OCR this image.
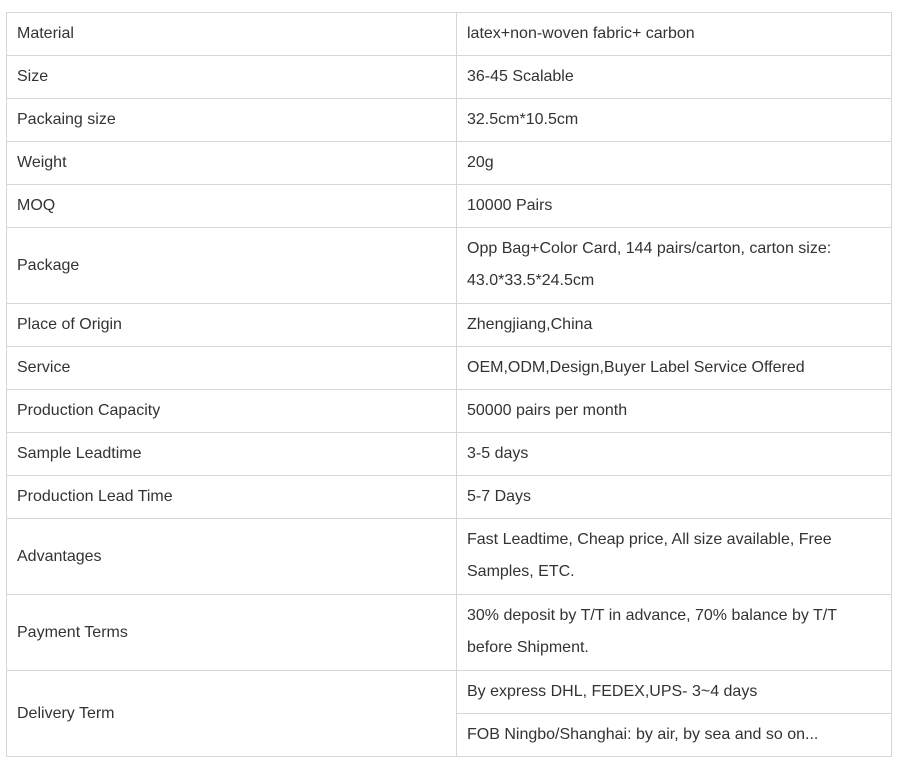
Material	latex+non-woven fabric+ carbon
Size	36-45 Scalable
Packaing size	32.5cm*10.5cm
Weight	20g
MOQ	10000 Pairs
Package	Opp Bag+Color Card, 144 pairs/carton, carton size:
43.0*33.5*24.5cm
Place of Origin	Zhengjiang,China
Service	OEM,ODM,Design,Buyer Label Service Offered
Production Capacity	50000 pairs per month
Sample Leadtime	3-5 days
Production Lead Time	5-7 Days
Advantages	Fast Leadtime, Cheap price, All size available, Free
Samples, ETC.
Payment Terms	30% deposit by T/T in advance, 70% balance by T/T
before Shipment.
Delivery Term	By express DHL, FEDEX,UPS- 3~4 days
	FOB Ningbo/Shanghai: by air, by sea and so on...
